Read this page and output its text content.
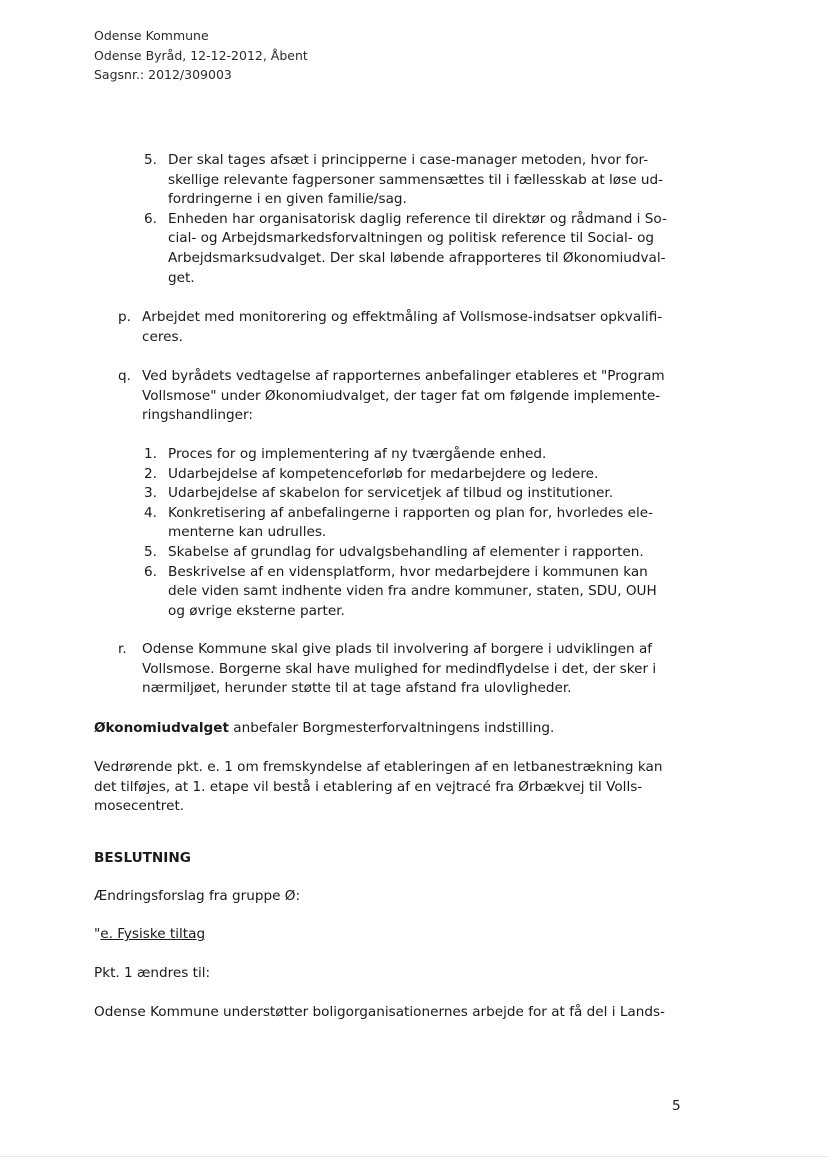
Odense Kommune
Odense Byråd, 12-12-2012, Åbent
Sagsnr.: 2012/309003
5. Der skal tages afsæt i principperne i case-manager metoden, hvor for-
skellige relevante fagpersoner sammensættes til i fællesskab at løse ud-
fordringerne i en given familie/sag.
6. Enheden har organisatorisk daglig reference til direktør og rådmand i So-
cial- og Arbejdsmarkedsforvaltningen og politisk reference til Social- og
Arbejdsmarksudvalget. Der skal løbende afrapporteres til Økonomiudval-
get.
p. Arbejdet med monitorering og effektmåling af Vollsmose-indsatser opkvalifi-
ceres.
q. Ved byrådets vedtagelse af rapporternes anbefalinger etableres et "Program
Vollsmose" under Økonomiudvalget, der tager fat om følgende implemente-
ringshandlinger:
1. Proces for og implementering af ny tværgående enhed.
2. Udarbejdelse af kompetenceforløb for medarbejdere og ledere.
3. Udarbejdelse af skabelon for servicetjek af tilbud og institutioner.
4. Konkretisering af anbefalingerne i rapporten og plan for, hvorledes ele-
menterne kan udrulles.
5. Skabelse af grundlag for udvalgsbehandling af elementer i rapporten.
6. Beskrivelse af en vidensplatform, hvor medarbejdere i kommunen kan
dele viden samt indhente viden fra andre kommuner, staten, SDU, OUH
og øvrige eksterne parter.
r. Odense Kommune skal give plads til involvering af borgere i udviklingen af
Vollsmose. Borgerne skal have mulighed for medindflydelse i det, der sker i
nærmiljøet, herunder støtte til at tage afstand fra ulovligheder.
Økonomiudvalget anbefaler Borgmesterforvaltningens indstilling.
Vedrørende pkt. e. 1 om fremskyndelse af etableringen af en letbanestrækning kan
det tilføjes, at 1. etape vil bestå i etablering af en vejtracé fra Ørbækvej til Volls-
mosecentret.
BESLUTNING
Ændringsforslag fra gruppe Ø:
"e. Fysiske tiltag
Pkt. 1 ændres til:
Odense Kommune understøtter boligorganisationernes arbejde for at få del i Lands-
5
